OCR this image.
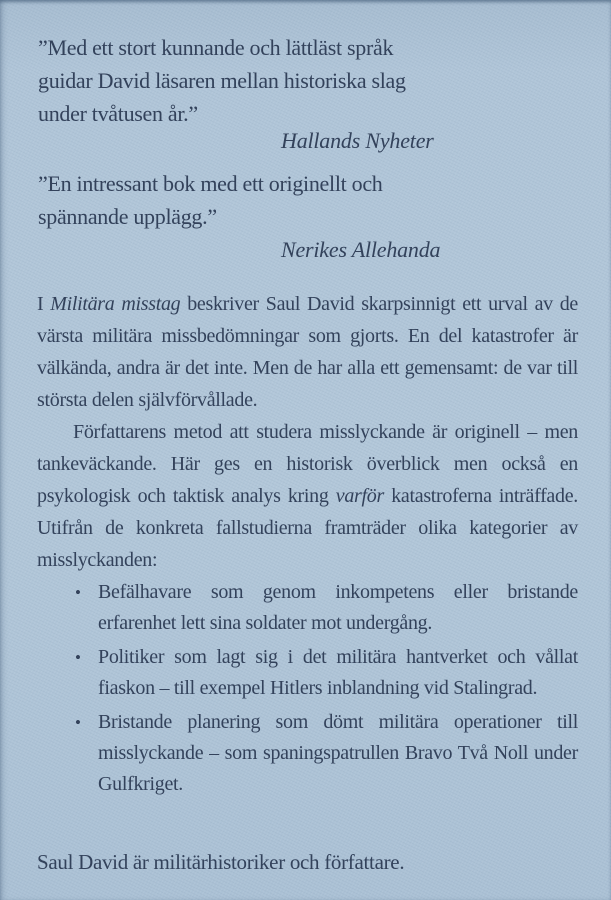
”Med ett stort kunnande och lättläst språk
guidar David läsaren mellan historiska slag
under tvåtusen år.”
Hallands Nyheter
”En intressant bok med ett originellt och
spännande upplägg.”
Nerikes Allehanda

I Militära misstag beskriver Saul David skarpsinnigt ett urval av de värsta militära missbedömningar som gjorts. En del katastrofer är välkända, andra är det inte. Men de har alla ett gemensamt: de var till största delen självförvållade.

Författarens metod att studera misslyckande är originell – men tankeväckande. Här ges en historisk överblick men också en psykologisk och taktisk analys kring varför katastroferna inträffade. Utifrån de konkreta fallstudierna framträder olika kategorier av misslyckanden:

• Befälhavare som genom inkompetens eller bristande erfarenhet lett sina soldater mot undergång.
• Politiker som lagt sig i det militära hantverket och vållat fiaskon – till exempel Hitlers inblandning vid Stalingrad.
• Bristande planering som dömt militära operationer till misslyckande – som spaningspatrullen Bravo Två Noll under Gulfkriget.
Saul David är militärhistoriker och författare.
